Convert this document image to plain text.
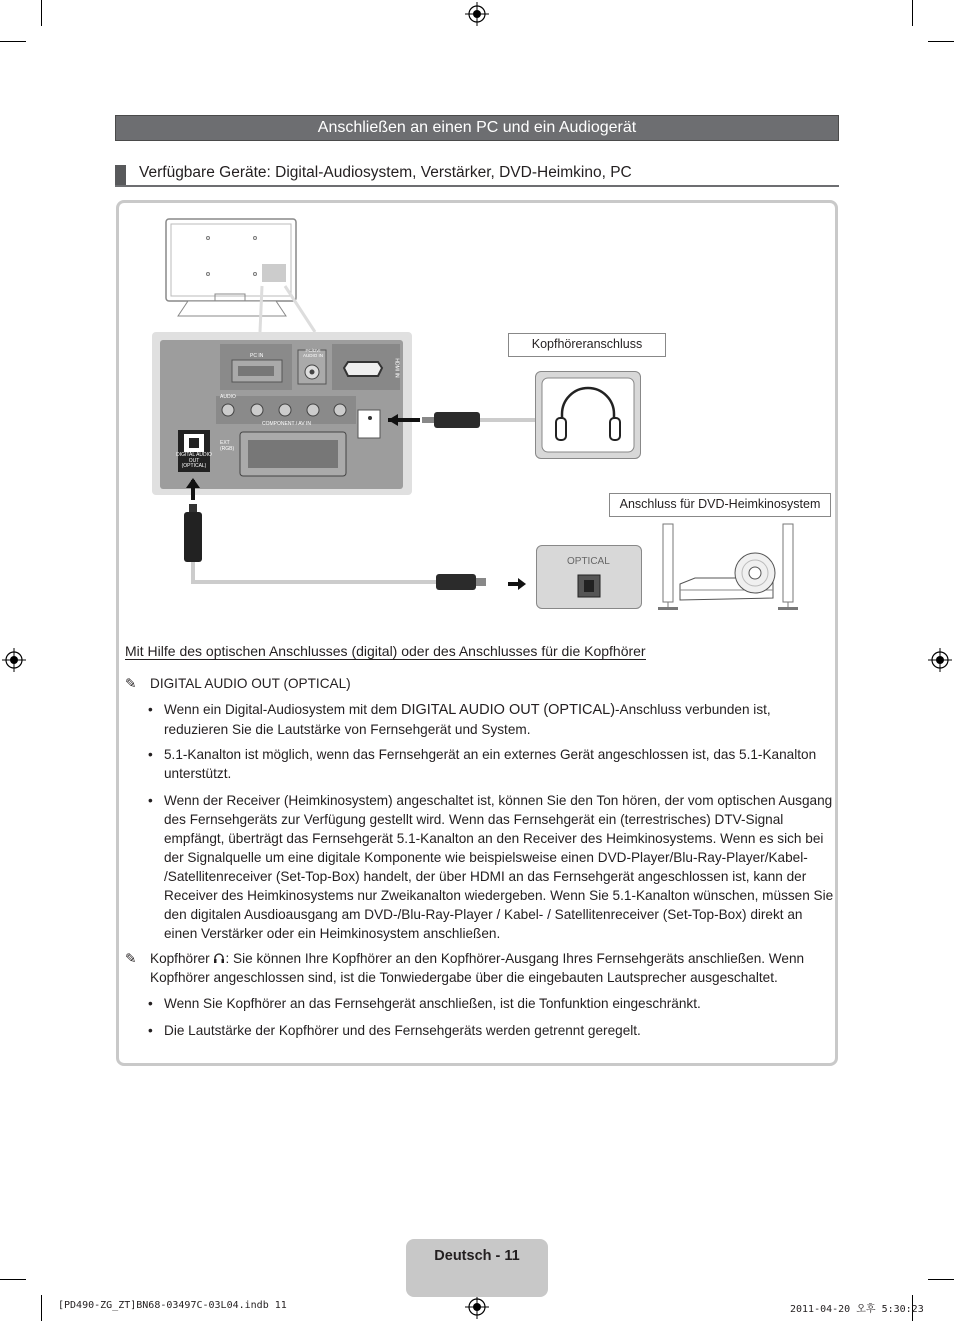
Anschließen an einen PC und ein Audiogerät
Verfügbare Geräte: Digital-Audiosystem, Verstärker, DVD-Heimkino, PC
PC IN
PC/DVI AUDIO IN
AUDIO
COMPONENT / AV IN
EXT (RGB)
DIGITAL AUDIO OUT (OPTICAL)
HDMI IN
Kopfhöreranschluss
Anschluss für DVD-Heimkinosystem
OPTICAL
Mit Hilfe des optischen Anschlusses (digital) oder des Anschlusses für die Kopfhörer
✎ DIGITAL AUDIO OUT (OPTICAL)
• Wenn ein Digital-Audiosystem mit dem DIGITAL AUDIO OUT (OPTICAL)-Anschluss verbunden ist, reduzieren Sie die Lautstärke von Fernsehgerät und System.
• 5.1-Kanalton ist möglich, wenn das Fernsehgerät an ein externes Gerät angeschlossen ist, das 5.1-Kanalton unterstützt.
• Wenn der Receiver (Heimkinosystem) angeschaltet ist, können Sie den Ton hören, der vom optischen Ausgang des Fernsehgeräts zur Verfügung gestellt wird. Wenn das Fernsehgerät ein (terrestrisches) DTV-Signal empfängt, überträgt das Fernsehgerät 5.1-Kanalton an den Receiver des Heimkinosystems. Wenn es sich bei der Signalquelle um eine digitale Komponente wie beispielsweise einen DVD-Player/Blu-Ray-Player/Kabel- /Satellitenreceiver (Set-Top-Box) handelt, der über HDMI an das Fernsehgerät angeschlossen ist, kann der Receiver des Heimkinosystems nur Zweikanalton wiedergeben. Wenn Sie 5.1-Kanalton wünschen, müssen Sie den digitalen Ausdioausgang am DVD-/Blu-Ray-Player / Kabel- / Satellitenreceiver (Set-Top-Box) direkt an einen Verstärker oder ein Heimkinosystem anschließen.
✎ Kopfhörer : Sie können Ihre Kopfhörer an den Kopfhörer-Ausgang Ihres Fernsehgeräts anschließen. Wenn Kopfhörer angeschlossen sind, ist die Tonwiedergabe über die eingebauten Lautsprecher ausgeschaltet.
• Wenn Sie Kopfhörer an das Fernsehgerät anschließen, ist die Tonfunktion eingeschränkt.
• Die Lautstärke der Kopfhörer und des Fernsehgeräts werden getrennt geregelt.
Deutsch - 11
[PD490-ZG_ZT]BN68-03497C-03L04.indb 11	2011-04-20 오후 5:30:23
